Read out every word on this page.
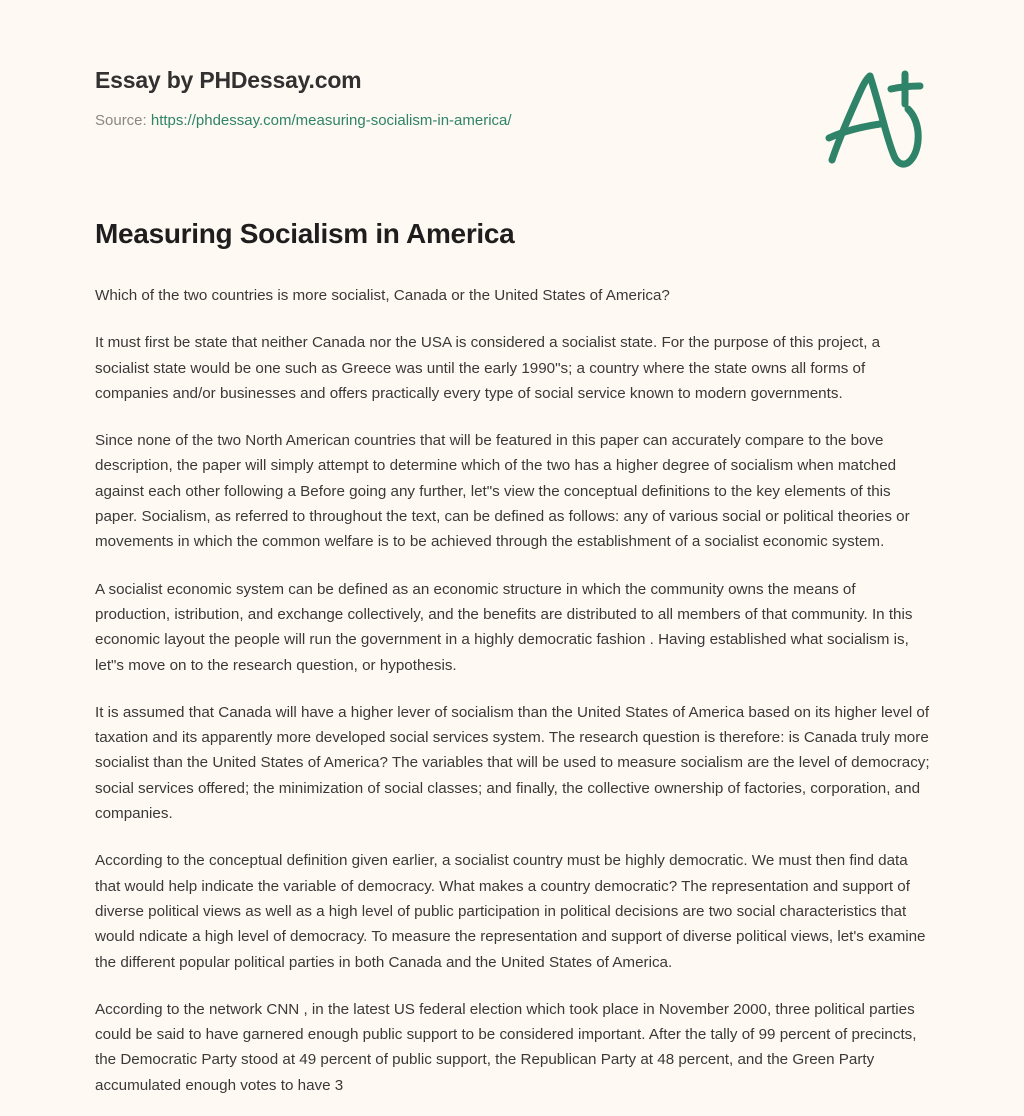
Essay by PHDessay.com
Source: https://phdessay.com/measuring-socialism-in-america/
Measuring Socialism in America

Which of the two countries is more socialist, Canada or the United States of America?

It must first be state that neither Canada nor the USA is considered a socialist state. For the purpose of this project, a socialist state would be one such as Greece was until the early 1990"s; a country where the state owns all forms of companies and/or businesses and offers practically every type of social service known to modern governments.

Since none of the two North American countries that will be featured in this paper can accurately compare to the bove description, the paper will simply attempt to determine which of the two has a higher degree of socialism when matched against each other following a Before going any further, let"s view the conceptual definitions to the key elements of this paper. Socialism, as referred to throughout the text, can be defined as follows: any of various social or political theories or movements in which the common welfare is to be achieved through the establishment of a socialist economic system.

A socialist economic system can be defined as an economic structure in which the community owns the means of production, istribution, and exchange collectively, and the benefits are distributed to all members of that community. In this economic layout the people will run the government in a highly democratic fashion . Having established what socialism is, let"s move on to the research question, or hypothesis.

It is assumed that Canada will have a higher lever of socialism than the United States of America based on its higher level of taxation and its apparently more developed social services system. The research question is therefore: is Canada truly more socialist than the United States of America? The variables that will be used to measure socialism are the level of democracy; social services offered; the minimization of social classes; and finally, the collective ownership of factories, corporation, and companies.

According to the conceptual definition given earlier, a socialist country must be highly democratic. We must then find data that would help indicate the variable of democracy. What makes a country democratic? The representation and support of diverse political views as well as a high level of public participation in political decisions are two social characteristics that would ndicate a high level of democracy. To measure the representation and support of diverse political views, let's examine the different popular political parties in both Canada and the United States of America.

According to the network CNN , in the latest US federal election which took place in November 2000, three political parties could be said to have garnered enough public support to be considered important. After the tally of 99 percent of precincts, the Democratic Party stood at 49 percent of public support, the Republican Party at 48 percent, and the Green Party accumulated enough votes to have 3
